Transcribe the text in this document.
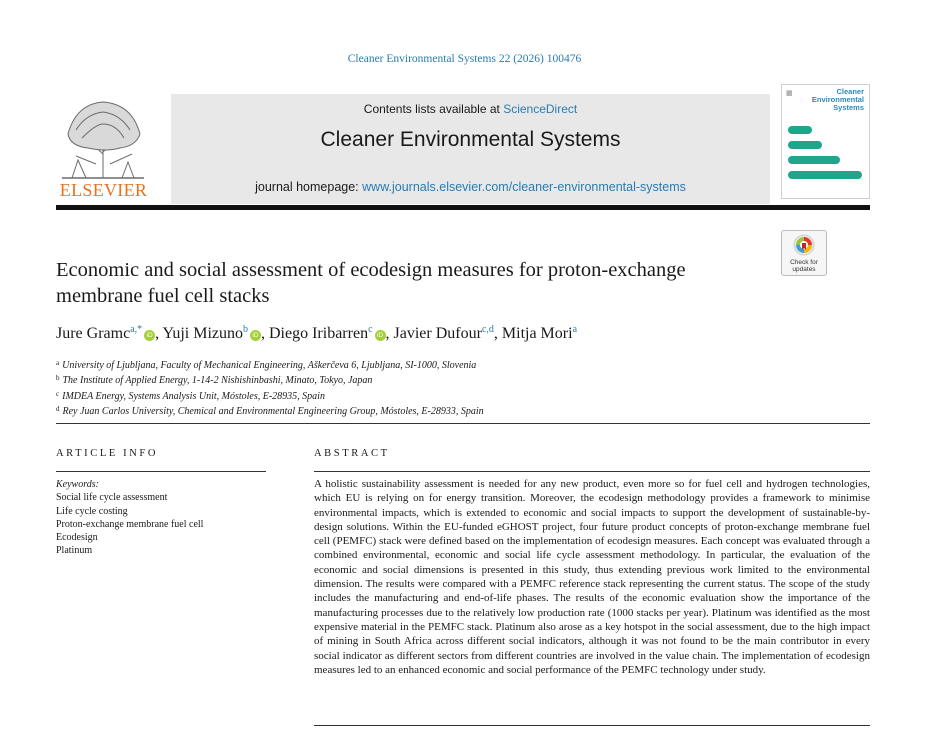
Cleaner Environmental Systems 22 (2026) 100476
ELSEVIER
Contents lists available at ScienceDirect
Cleaner Environmental Systems
journal homepage: www.journals.elsevier.com/cleaner-environmental-systems
Cleaner
Environmental
Systems
▦
Check for
updates
Economic and social assessment of ecodesign measures for proton-exchange membrane fuel cell stacks
Jure Gramc$^{a,*}$iD , Yuji Mizuno$^b$iD , Diego Iribarren$^c$iD , Javier Dufour$^{c,d}$, Mitja Mori$^a$
$^a$ University of Ljubljana, Faculty of Mechanical Engineering, Aškerčeva 6, Ljubljana, SI-1000, Slovenia
$^b$ The Institute of Applied Energy, 1-14-2 Nishishinbashi, Minato, Tokyo, Japan
$^c$ IMDEA Energy, Systems Analysis Unit, Móstoles, E-28935, Spain
$^d$ Rey Juan Carlos University, Chemical and Environmental Engineering Group, Móstoles, E-28933, Spain
ARTICLE INFO
Keywords:
Social life cycle assessment
Life cycle costing
Proton-exchange membrane fuel cell
Ecodesign
Platinum
ABSTRACT
A holistic sustainability assessment is needed for any new product, even more so for fuel cell and hydrogen technologies, which EU is relying on for energy transition. Moreover, the ecodesign methodology provides a framework to minimise environmental impacts, which is extended to economic and social impacts to support the development of sustainable-by-design solutions. Within the EU-funded eGHOST project, four future product concepts of proton-exchange membrane fuel cell (PEMFC) stack were defined based on the implementation of ecodesign measures. Each concept was evaluated through a combined environmental, economic and social life cycle assessment methodology. In particular, the evaluation of the economic and social dimensions is presented in this study, thus extending previous work limited to the environmental dimension. The results were compared with a PEMFC reference stack representing the current status. The scope of the study includes the manufacturing and end-of-life phases. The results of the economic evaluation show the importance of the manufacturing processes due to the relatively low production rate (1000 stacks per year). Platinum was identified as the most expensive material in the PEMFC stack. Platinum also arose as a key hotspot in the social assessment, due to the high impact of mining in South Africa across different social indicators, although it was not found to be the main contributor in every social indicator as different sectors from different countries are involved in the value chain. The implementation of ecodesign measures led to an enhanced economic and social performance of the PEMFC technology under study.
